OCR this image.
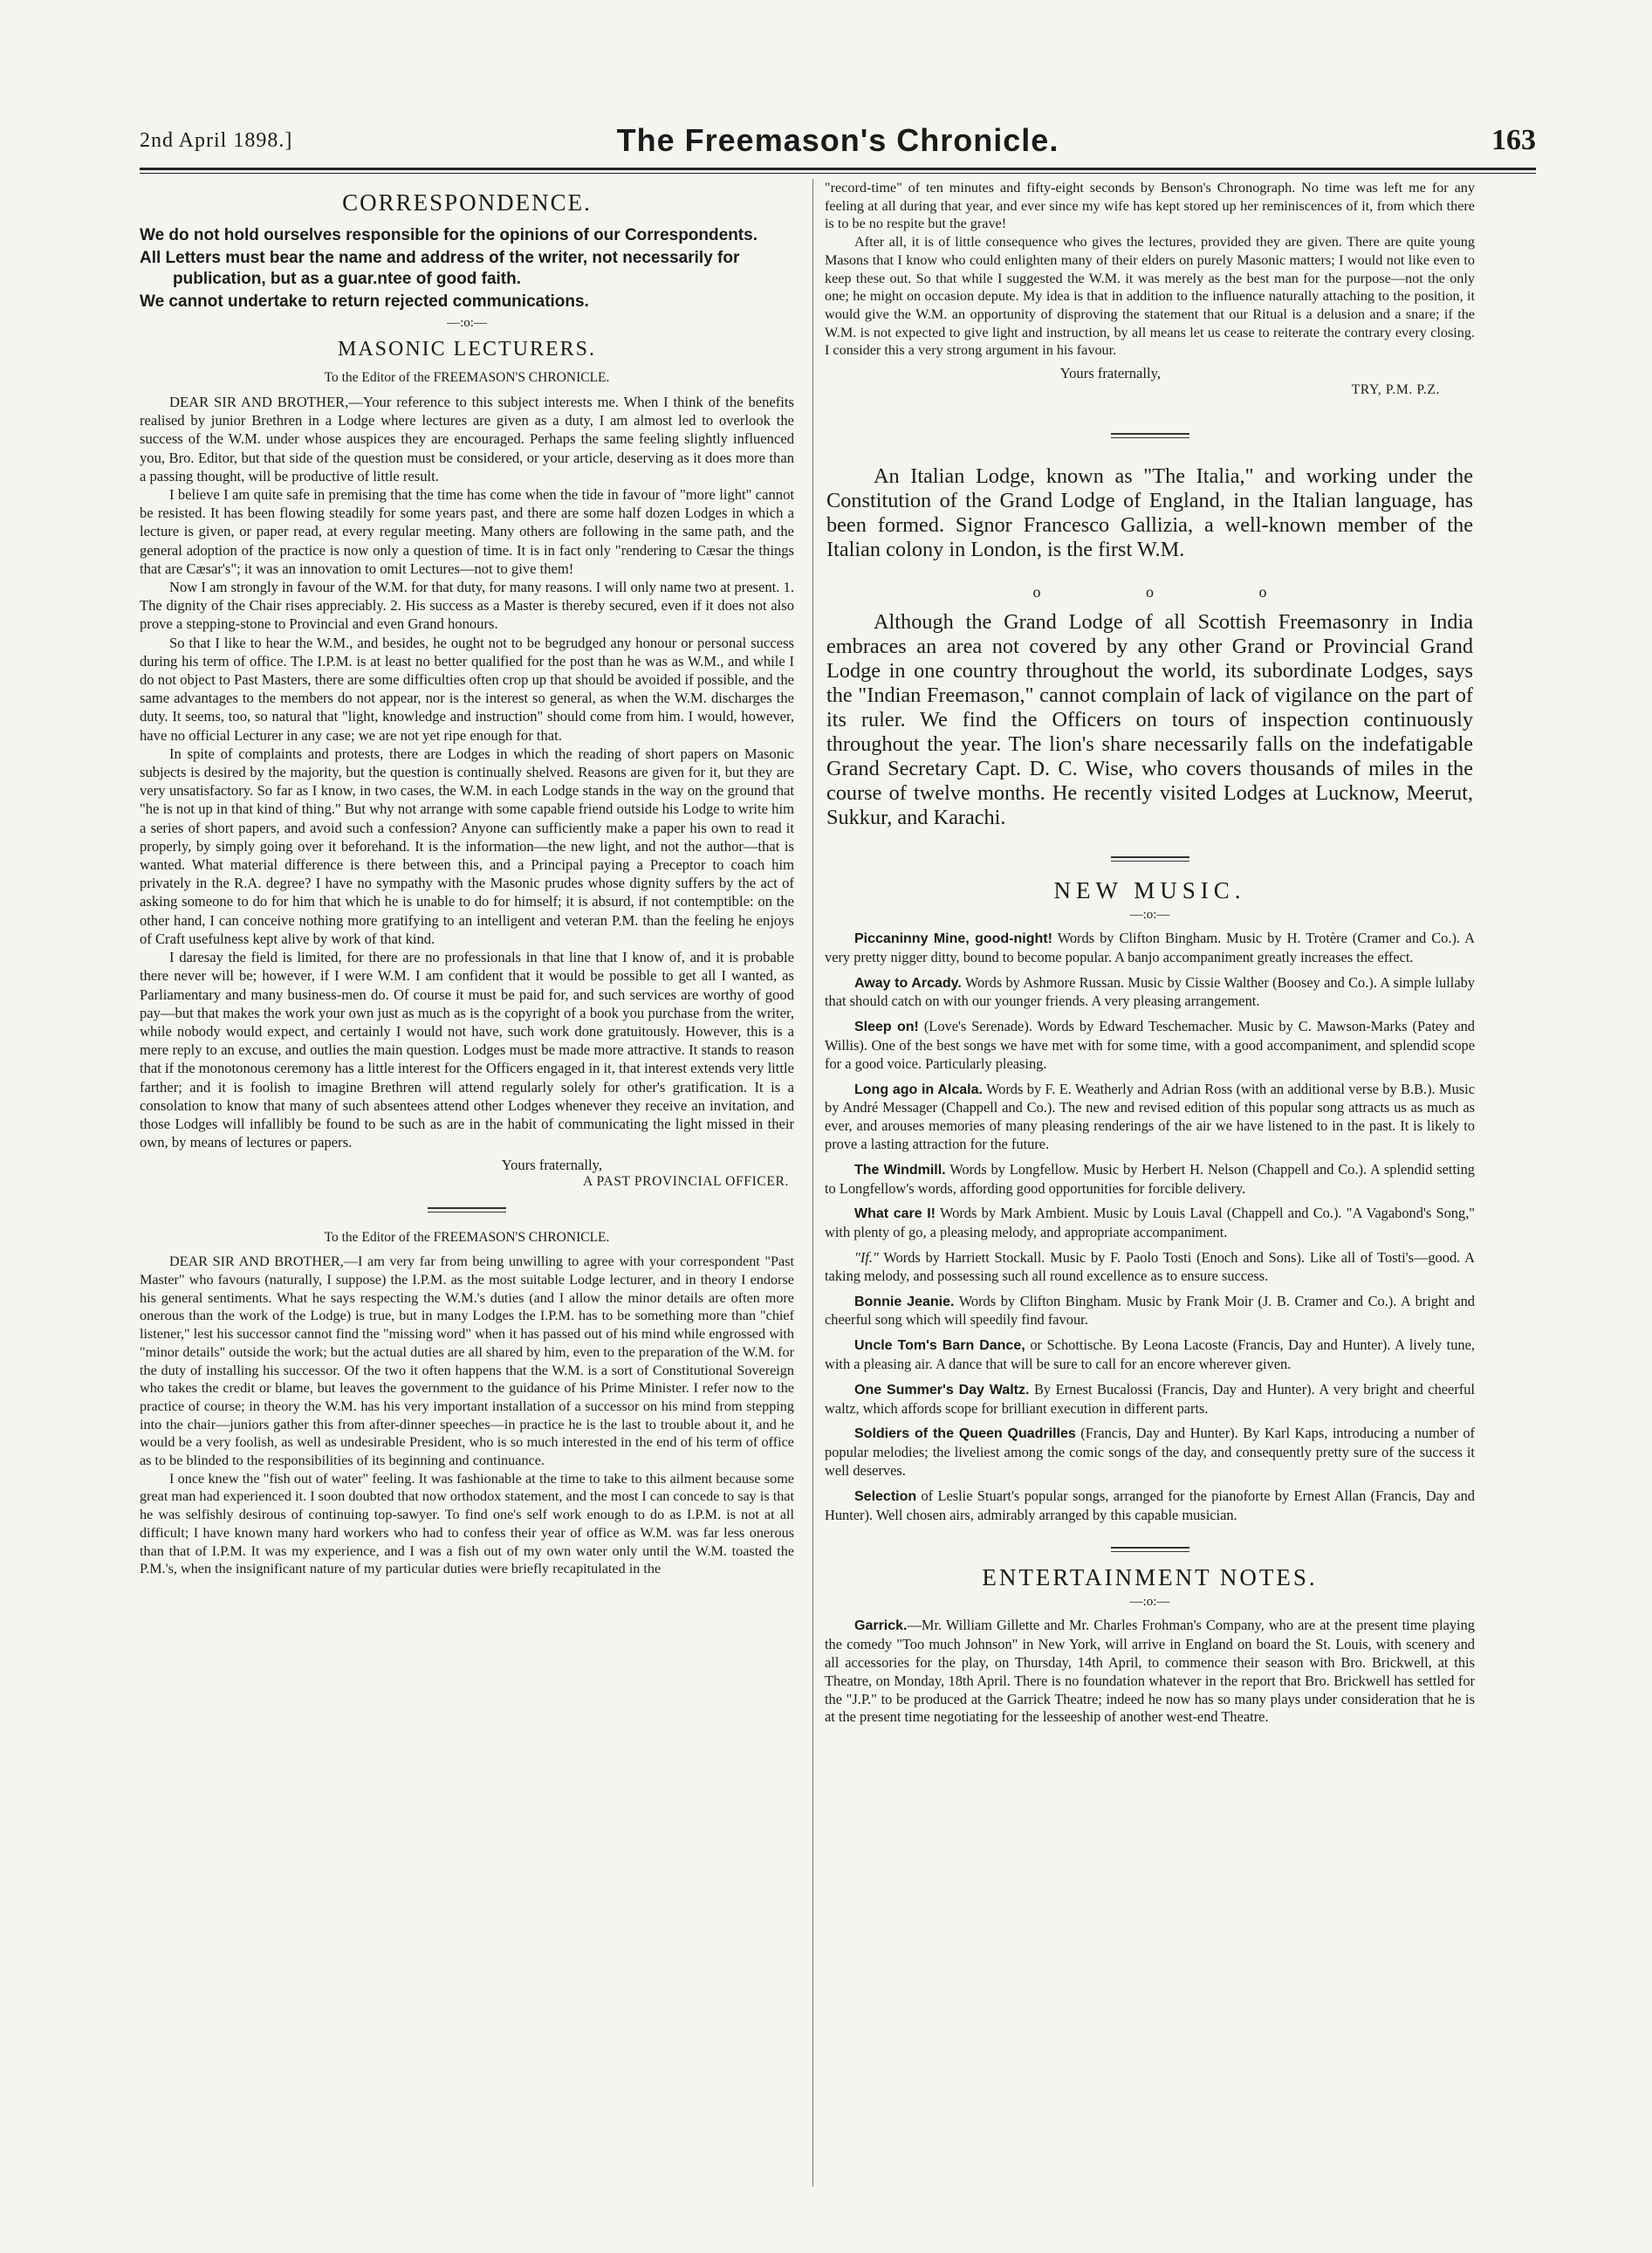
2nd April 1898.]	The Freemason's Chronicle.	163
CORRESPONDENCE.
We do not hold ourselves responsible for the opinions of our Correspondents.
All Letters must bear the name and address of the writer, not necessarily for publication, but as a guar.ntee of good faith.
We cannot undertake to return rejected communications.
—:o:—
MASONIC LECTURERS.
To the Editor of the FREEMASON'S CHRONICLE.

DEAR SIR AND BROTHER,—Your reference to this subject interests me. When I think of the benefits realised by junior Brethren in a Lodge where lectures are given as a duty, I am almost led to overlook the success of the W.M. under whose auspices they are encouraged. Perhaps the same feeling slightly influenced you, Bro. Editor, but that side of the question must be considered, or your article, deserving as it does more than a passing thought, will be productive of little result.

I believe I am quite safe in premising that the time has come when the tide in favour of "more light" cannot be resisted. It has been flowing steadily for some years past, and there are some half dozen Lodges in which a lecture is given, or paper read, at every regular meeting. Many others are following in the same path, and the general adoption of the practice is now only a question of time. It is in fact only "rendering to Cæsar the things that are Cæsar's"; it was an innovation to omit Lectures—not to give them!

Now I am strongly in favour of the W.M. for that duty, for many reasons. I will only name two at present. 1. The dignity of the Chair rises appreciably. 2. His success as a Master is thereby secured, even if it does not also prove a stepping-stone to Provincial and even Grand honours.

So that I like to hear the W.M., and besides, he ought not to be begrudged any honour or personal success during his term of office. The I.P.M. is at least no better qualified for the post than he was as W.M., and while I do not object to Past Masters, there are some difficulties often crop up that should be avoided if possible, and the same advantages to the members do not appear, nor is the interest so general, as when the W.M. discharges the duty. It seems, too, so natural that "light, knowledge and instruction" should come from him. I would, however, have no official Lecturer in any case; we are not yet ripe enough for that.

In spite of complaints and protests, there are Lodges in which the reading of short papers on Masonic subjects is desired by the majority, but the question is continually shelved. Reasons are given for it, but they are very unsatisfactory. So far as I know, in two cases, the W.M. in each Lodge stands in the way on the ground that "he is not up in that kind of thing." But why not arrange with some capable friend outside his Lodge to write him a series of short papers, and avoid such a confession? Anyone can sufficiently make a paper his own to read it properly, by simply going over it beforehand. It is the information—the new light, and not the author—that is wanted. What material difference is there between this, and a Principal paying a Preceptor to coach him privately in the R.A. degree? I have no sympathy with the Masonic prudes whose dignity suffers by the act of asking someone to do for him that which he is unable to do for himself; it is absurd, if not contemptible: on the other hand, I can conceive nothing more gratifying to an intelligent and veteran P.M. than the feeling he enjoys of Craft usefulness kept alive by work of that kind.

I daresay the field is limited, for there are no professionals in that line that I know of, and it is probable there never will be; however, if I were W.M. I am confident that it would be possible to get all I wanted, as Parliamentary and many business-men do. Of course it must be paid for, and such services are worthy of good pay—but that makes the work your own just as much as is the copyright of a book you purchase from the writer, while nobody would expect, and certainly I would not have, such work done gratuitously. However, this is a mere reply to an excuse, and outlies the main question. Lodges must be made more attractive. It stands to reason that if the monotonous ceremony has a little interest for the Officers engaged in it, that interest extends very little farther; and it is foolish to imagine Brethren will attend regularly solely for other's gratification. It is a consolation to know that many of such absentees attend other Lodges whenever they receive an invitation, and those Lodges will infallibly be found to be such as are in the habit of communicating the light missed in their own, by means of lectures or papers.

Yours fraternally,
A PAST PROVINCIAL OFFICER.
To the Editor of the FREEMASON'S CHRONICLE.

DEAR SIR AND BROTHER,—I am very far from being unwilling to agree with your correspondent "Past Master" who favours (naturally, I suppose) the I.P.M. as the most suitable Lodge lecturer, and in theory I endorse his general sentiments. What he says respecting the W.M.'s duties (and I allow the minor details are often more onerous than the work of the Lodge) is true, but in many Lodges the I.P.M. has to be something more than "chief listener," lest his successor cannot find the "missing word" when it has passed out of his mind while engrossed with "minor details" outside the work; but the actual duties are all shared by him, even to the preparation of the W.M. for the duty of installing his successor. Of the two it often happens that the W.M. is a sort of Constitutional Sovereign who takes the credit or blame, but leaves the government to the guidance of his Prime Minister. I refer now to the practice of course; in theory the W.M. has his very important installation of a successor on his mind from stepping into the chair—juniors gather this from after-dinner speeches—in practice he is the last to trouble about it, and he would be a very foolish, as well as undesirable President, who is so much interested in the end of his term of office as to be blinded to the responsibilities of its beginning and continuance.

I once knew the "fish out of water" feeling. It was fashionable at the time to take to this ailment because some great man had experienced it. I soon doubted that now orthodox statement, and the most I can concede to say is that he was selfishly desirous of continuing top-sawyer. To find one's self work enough to do as I.P.M. is not at all difficult; I have known many hard workers who had to confess their year of office as W.M. was far less onerous than that of I.P.M. It was my experience, and I was a fish out of my own water only until the W.M. toasted the P.M.'s, when the insignificant nature of my particular duties were briefly recapitulated in the

"record-time" of ten minutes and fifty-eight seconds by Benson's Chronograph. No time was left me for any feeling at all during that year, and ever since my wife has kept stored up her reminiscences of it, from which there is to be no respite but the grave!

After all, it is of little consequence who gives the lectures, provided they are given. There are quite young Masons that I know who could enlighten many of their elders on purely Masonic matters; I would not like even to keep these out. So that while I suggested the W.M. it was merely as the best man for the purpose—not the only one; he might on occasion depute. My idea is that in addition to the influence naturally attaching to the position, it would give the W.M. an opportunity of disproving the statement that our Ritual is a delusion and a snare; if the W.M. is not expected to give light and instruction, by all means let us cease to reiterate the contrary every closing. I consider this a very strong argument in his favour.

Yours fraternally,
TRY, P.M. P.Z.

An Italian Lodge, known as "The Italia," and working under the Constitution of the Grand Lodge of England, in the Italian language, has been formed. Signor Francesco Gallizia, a well-known member of the Italian colony in London, is the first W.M.

o o o

Although the Grand Lodge of all Scottish Freemasonry in India embraces an area not covered by any other Grand or Provincial Grand Lodge in one country throughout the world, its subordinate Lodges, says the "Indian Freemason," cannot complain of lack of vigilance on the part of its ruler. We find the Officers on tours of inspection continuously throughout the year. The lion's share necessarily falls on the indefatigable Grand Secretary Capt. D. C. Wise, who covers thousands of miles in the course of twelve months. He recently visited Lodges at Lucknow, Meerut, Sukkur, and Karachi.

NEW MUSIC.
—:o:—

Piccaninny Mine, good-night! Words by Clifton Bingham. Music by H. Trotère (Cramer and Co.). A very pretty nigger ditty, bound to become popular. A banjo accompaniment greatly increases the effect.

Away to Arcady. Words by Ashmore Russan. Music by Cissie Walther (Boosey and Co.). A simple lullaby that should catch on with our younger friends. A very pleasing arrangement.

Sleep on! (Love's Serenade). Words by Edward Teschemacher. Music by C. Mawson-Marks (Patey and Willis). One of the best songs we have met with for some time, with a good accompaniment, and splendid scope for a good voice. Particularly pleasing.

Long ago in Alcala. Words by F. E. Weatherly and Adrian Ross (with an additional verse by B.B.). Music by André Messager (Chappell and Co.). The new and revised edition of this popular song attracts us as much as ever, and arouses memories of many pleasing renderings of the air we have listened to in the past. It is likely to prove a lasting attraction for the future.

The Windmill. Words by Longfellow. Music by Herbert H. Nelson (Chappell and Co.). A splendid setting to Longfellow's words, affording good opportunities for forcible delivery.

What care I! Words by Mark Ambient. Music by Louis Laval (Chappell and Co.). "A Vagabond's Song," with plenty of go, a pleasing melody, and appropriate accompaniment.

"If." Words by Harriett Stockall. Music by F. Paolo Tosti (Enoch and Sons). Like all of Tosti's—good. A taking melody, and possessing such all round excellence as to ensure success.

Bonnie Jeanie. Words by Clifton Bingham. Music by Frank Moir (J. B. Cramer and Co.). A bright and cheerful song which will speedily find favour.

Uncle Tom's Barn Dance, or Schottische. By Leona Lacoste (Francis, Day and Hunter). A lively tune, with a pleasing air. A dance that will be sure to call for an encore wherever given.

One Summer's Day Waltz. By Ernest Bucalossi (Francis, Day and Hunter). A very bright and cheerful waltz, which affords scope for brilliant execution in different parts.

Soldiers of the Queen Quadrilles (Francis, Day and Hunter). By Karl Kaps, introducing a number of popular melodies; the liveliest among the comic songs of the day, and consequently pretty sure of the success it well deserves.

Selection of Leslie Stuart's popular songs, arranged for the pianoforte by Ernest Allan (Francis, Day and Hunter). Well chosen airs, admirably arranged by this capable musician.

ENTERTAINMENT NOTES.
—:o:—

Garrick.—Mr. William Gillette and Mr. Charles Frohman's Company, who are at the present time playing the comedy "Too much Johnson" in New York, will arrive in England on board the St. Louis, with scenery and all accessories for the play, on Thursday, 14th April, to commence their season with Bro. Brickwell, at this Theatre, on Monday, 18th April. There is no foundation whatever in the report that Bro. Brickwell has settled for the "J.P." to be produced at the Garrick Theatre; indeed he now has so many plays under consideration that he is at the present time negotiating for the lesseeship of another west-end Theatre.
